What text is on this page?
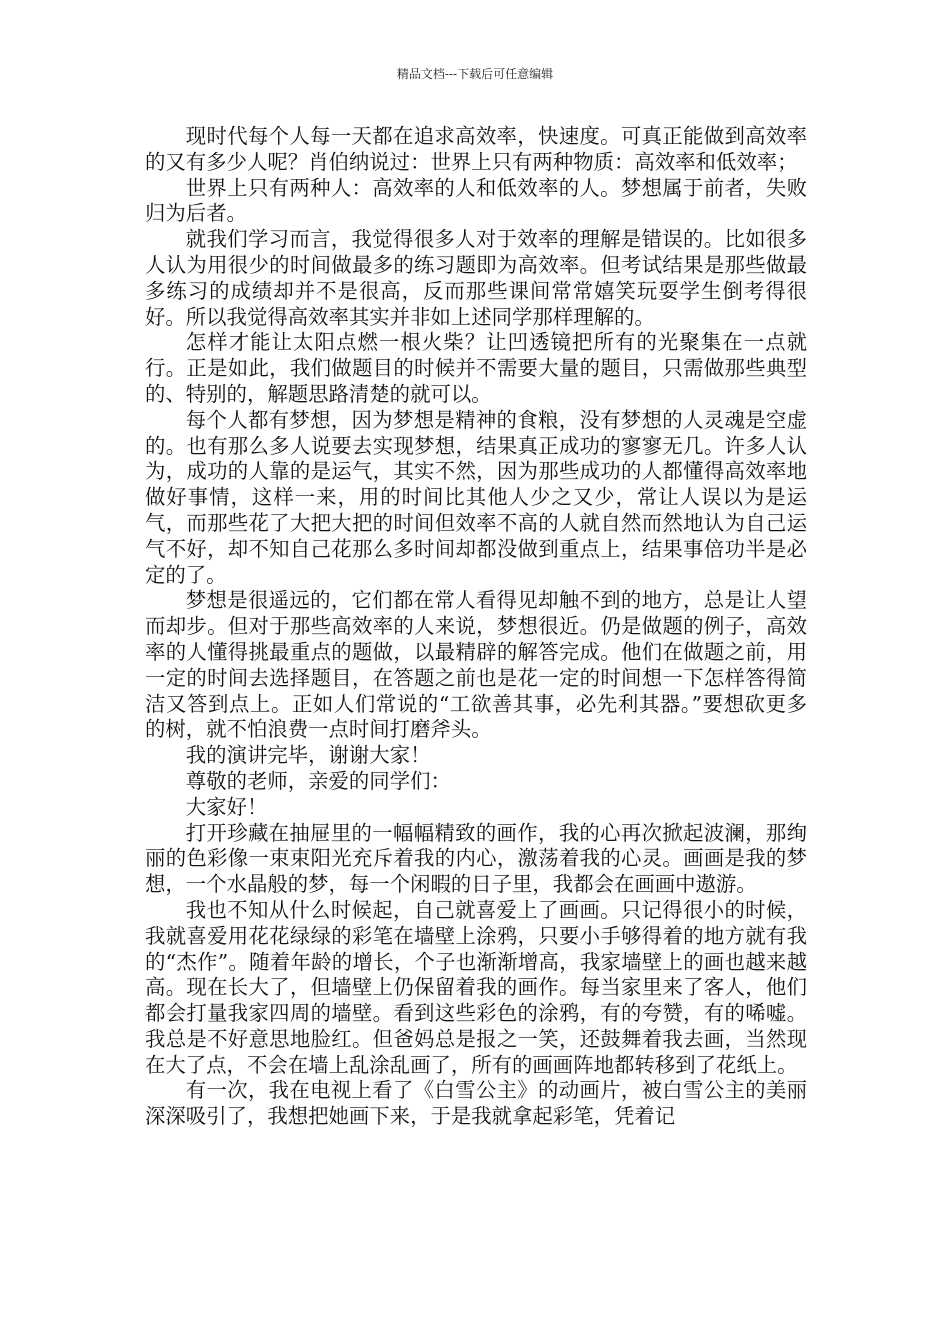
精品文档---下载后可任意编辑

现时代每个人每一天都在追求高效率，快速度。可真正能做到高效率的又有多少人呢？肖伯纳说过：世界上只有两种物质：高效率和低效率；

世界上只有两种人：高效率的人和低效率的人。梦想属于前者，失败归为后者。

就我们学习而言，我觉得很多人对于效率的理解是错误的。比如很多人认为用很少的时间做最多的练习题即为高效率。但考试结果是那些做最多练习的成绩却并不是很高，反而那些课间常常嬉笑玩耍学生倒考得很好。所以我觉得高效率其实并非如上述同学那样理解的。

怎样才能让太阳点燃一根火柴？让凹透镜把所有的光聚集在一点就行。正是如此，我们做题目的时候并不需要大量的题目，只需做那些典型的、特别的，解题思路清楚的就可以。

每个人都有梦想，因为梦想是精神的食粮，没有梦想的人灵魂是空虚的。也有那么多人说要去实现梦想，结果真正成功的寥寥无几。许多人认为，成功的人靠的是运气，其实不然，因为那些成功的人都懂得高效率地做好事情，这样一来，用的时间比其他人少之又少，常让人误以为是运气，而那些花了大把大把的时间但效率不高的人就自然而然地认为自己运气不好，却不知自己花那么多时间却都没做到重点上，结果事倍功半是必定的了。

梦想是很遥远的，它们都在常人看得见却触不到的地方，总是让人望而却步。但对于那些高效率的人来说，梦想很近。仍是做题的例子，高效率的人懂得挑最重点的题做，以最精辟的解答完成。他们在做题之前，用一定的时间去选择题目，在答题之前也是花一定的时间想一下怎样答得简洁又答到点上。正如人们常说的“工欲善其事，必先利其器。”要想砍更多的树，就不怕浪费一点时间打磨斧头。

我的演讲完毕，谢谢大家！

尊敬的老师，亲爱的同学们：

大家好！

打开珍藏在抽屉里的一幅幅精致的画作，我的心再次掀起波澜，那绚丽的色彩像一束束阳光充斥着我的内心，激荡着我的心灵。画画是我的梦想，一个水晶般的梦，每一个闲暇的日子里，我都会在画画中遨游。

我也不知从什么时候起，自己就喜爱上了画画。只记得很小的时候，我就喜爱用花花绿绿的彩笔在墙壁上涂鸦，只要小手够得着的地方就有我的“杰作”。随着年龄的增长，个子也渐渐增高，我家墙壁上的画也越来越高。现在长大了，但墙壁上仍保留着我的画作。每当家里来了客人，他们都会打量我家四周的墙壁。看到这些彩色的涂鸦，有的夸赞，有的唏嘘。我总是不好意思地脸红。但爸妈总是报之一笑，还鼓舞着我去画，当然现在大了点，不会在墙上乱涂乱画了，所有的画画阵地都转移到了花纸上。

有一次，我在电视上看了《白雪公主》的动画片，被白雪公主的美丽深深吸引了，我想把她画下来，于是我就拿起彩笔，凭着记
